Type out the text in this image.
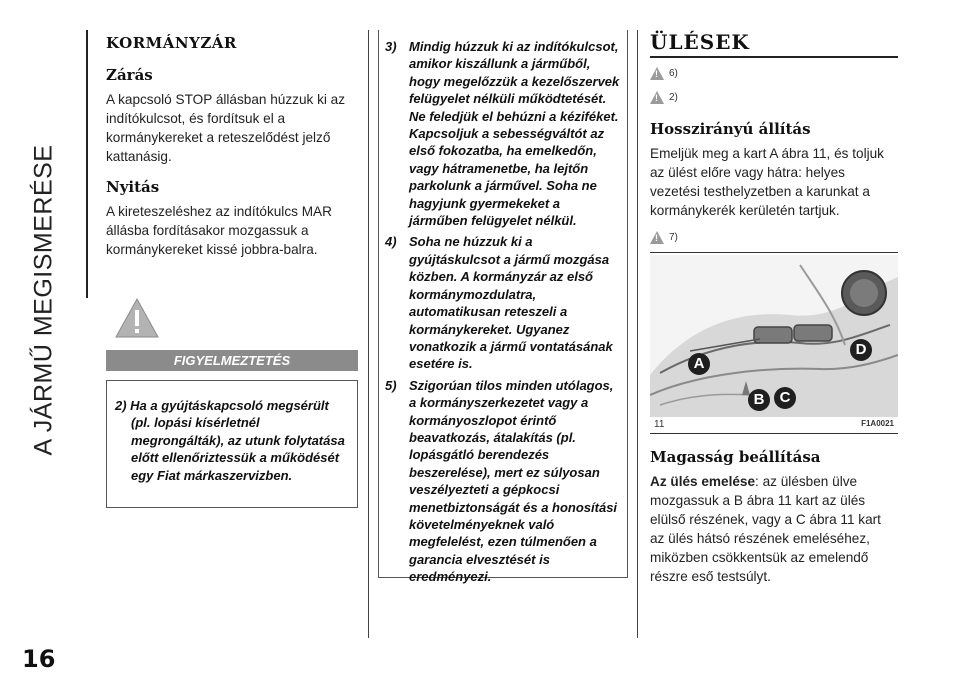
A JÁRMŰ MEGISMERÉSE
16
KORMÁNYZÁR
Zárás

A kapcsoló STOP állásban húzzuk ki az indítókulcsot, és fordítsuk el a kormánykereket a reteszelődést jelző kattanásig.

Nyitás

A kireteszeléshez az indítókulcs MAR állásba fordításakor mozgassuk a kormánykereket kissé jobbra-balra.

FIGYELMEZTETÉS
2) Ha a gyújtáskapcsoló megsérült (pl. lopási kísérletnél megrongálták), az utunk folytatása előtt ellenőriztessük a működését egy Fiat márkaszervizben.
3) Mindig húzzuk ki az indítókulcsot, amikor kiszállunk a járműből, hogy megelőzzük a kezelőszervek felügyelet nélküli működtetését. Ne feledjük el behúzni a kéziféket. Kapcsoljuk a sebességváltót az első fokozatba, ha emelkedőn, vagy hátramenetbe, ha lejtőn parkolunk a járművel. Soha ne hagyjunk gyermekeket a járműben felügyelet nélkül.
4) Soha ne húzzuk ki a gyújtáskulcsot a jármű mozgása közben. A kormányzár az első kormánymozdulatra, automatikusan reteszeli a kormánykereket. Ugyanez vonatkozik a jármű vontatásának esetére is.
5) Szigorúan tilos minden utólagos, a kormányszerkezetet vagy a kormányoszlopot érintő beavatkozás, átalakítás (pl. lopásgátló berendezés beszerelése), mert ez súlyosan veszélyezteti a gépkocsi menetbiztonságát és a honosítási követelményeknek való megfelelést, ezen túlmenően a garancia elvesztését is eredményezi.
ÜLÉSEK
!
6)
!
2)
Hosszirányú állítás

Emeljük meg a kart A ábra 11, és toljuk az ülést előre vagy hátra: helyes vezetési testhelyzetben a karunkat a kormánykerék kerületén tartjuk.

!
7)
A
B	C
D
11	F1A0021
Magasság beállítása

Az ülés emelése: az ülésben ülve mozgassuk a B ábra 11 kart az ülés elülső részének, vagy a C ábra 11 kart az ülés hátsó részének emeléséhez, miközben csökkentsük az emelendő részre eső testsúlyt.
